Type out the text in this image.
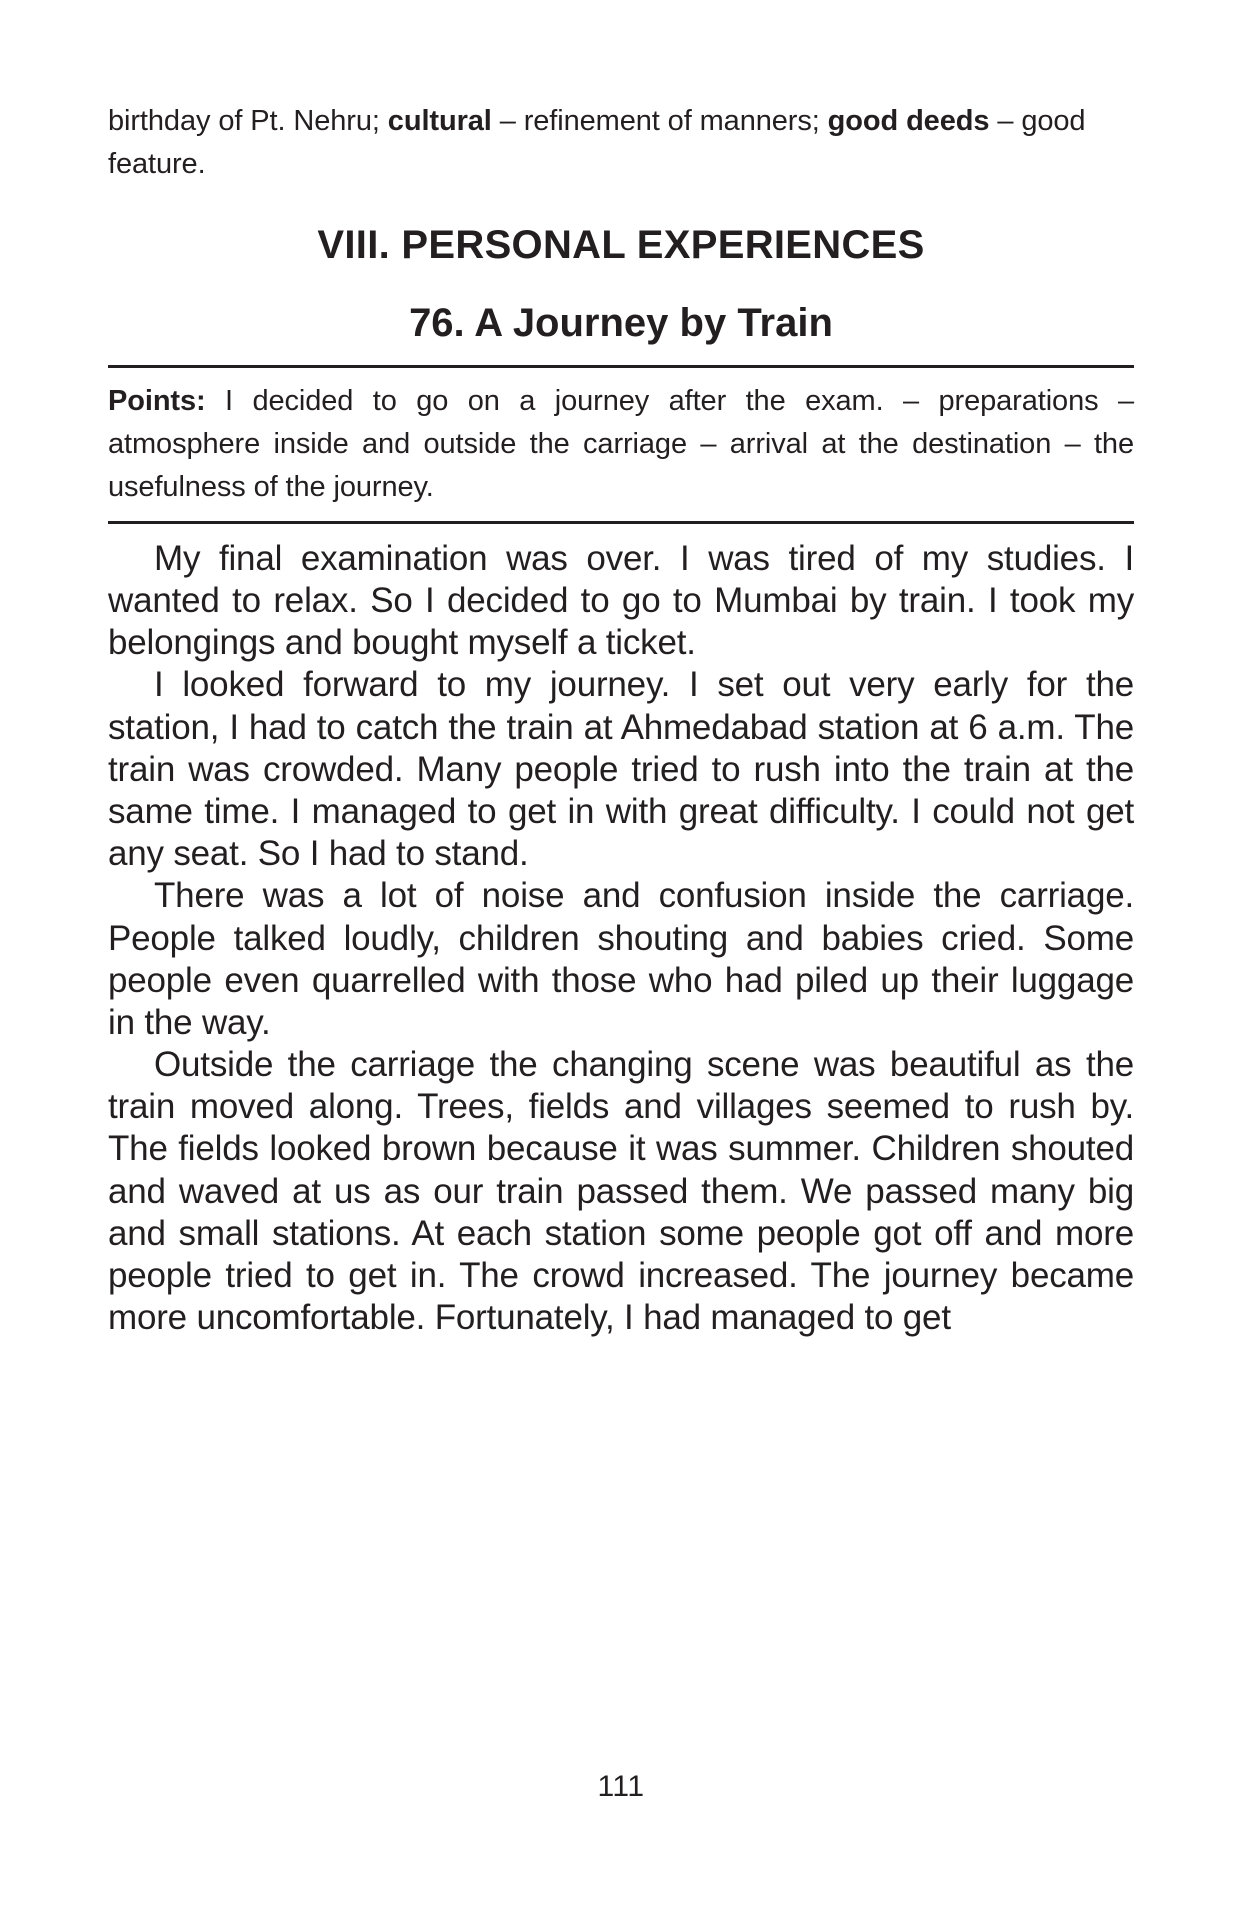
birthday of Pt. Nehru; cultural – refinement of manners; good deeds – good feature.

VIII. PERSONAL EXPERIENCES
76. A Journey by Train

Points: I decided to go on a journey after the exam. – preparations – atmosphere inside and outside the carriage – arrival at the destination – the usefulness of the journey.

My final examination was over. I was tired of my studies. I wanted to relax. So I decided to go to Mumbai by train. I took my belongings and bought myself a ticket.

I looked forward to my journey. I set out very early for the station, I had to catch the train at Ahmedabad station at 6 a.m. The train was crowded. Many people tried to rush into the train at the same time. I managed to get in with great difficulty. I could not get any seat. So I had to stand.

There was a lot of noise and confusion inside the carriage. People talked loudly, children shouting and babies cried. Some people even quarrelled with those who had piled up their luggage in the way.

Outside the carriage the changing scene was beautiful as the train moved along. Trees, fields and villages seemed to rush by. The fields looked brown because it was summer. Children shouted and waved at us as our train passed them. We passed many big and small stations. At each station some people got off and more people tried to get in. The crowd increased. The journey became more uncomfortable. Fortunately, I had managed to get

111
